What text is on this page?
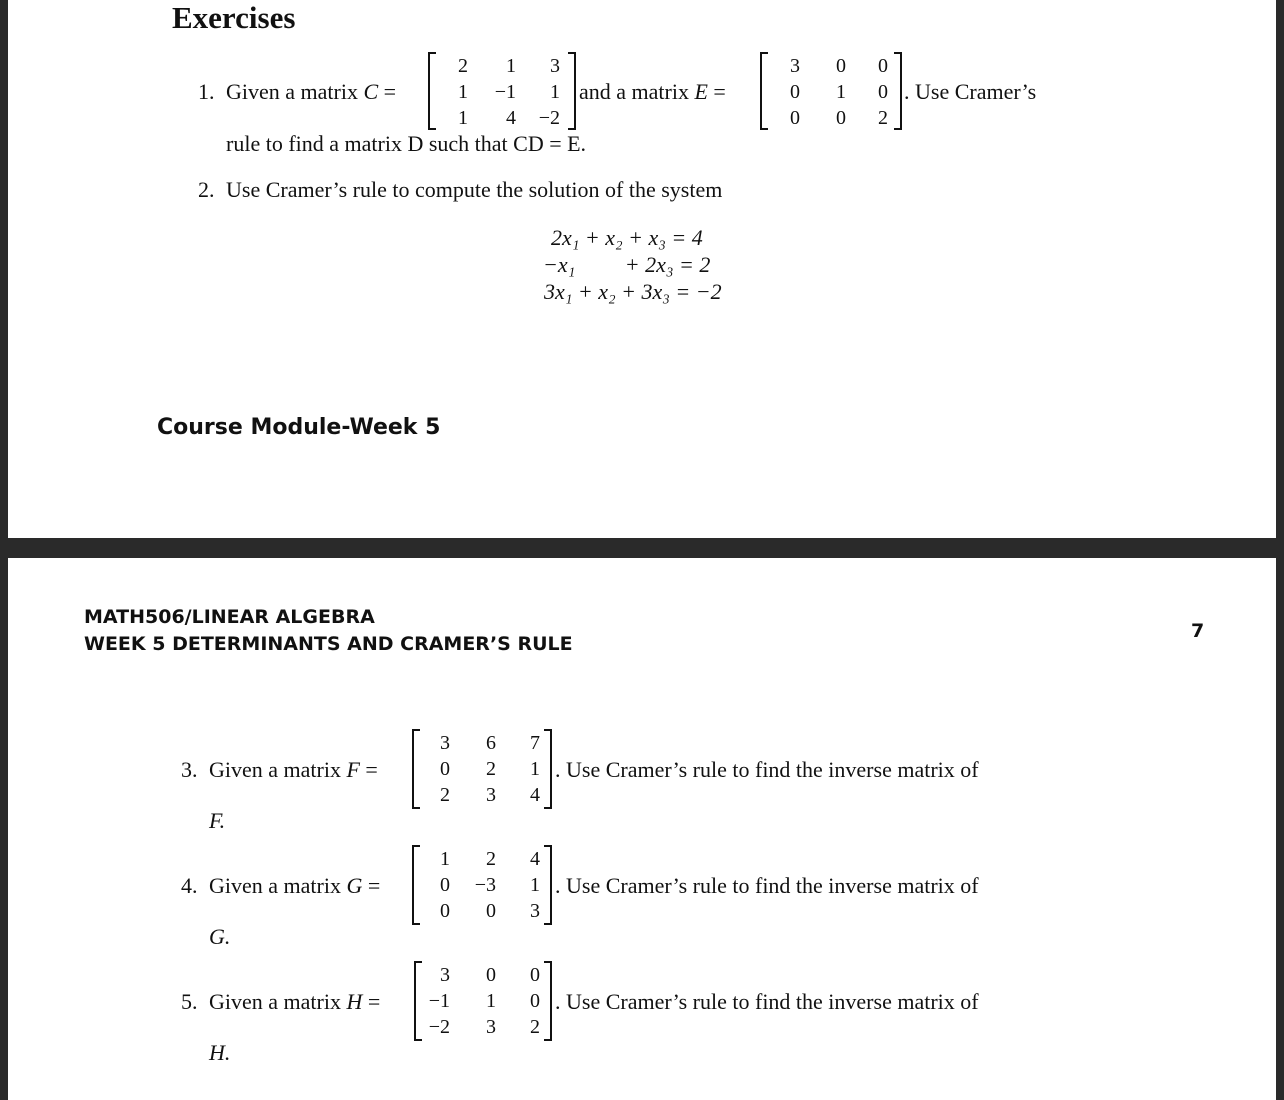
Exercises
1. Given a matrix C =
2	1	3
1	−1	1
1	4	−2
and a matrix E =
3	0	0
0	1	0
0	0	2
. Use Cramer’s
rule to find a matrix D such that CD = E.
2. Use Cramer’s rule to compute the solution of the system
2x₁ + x₂ + x₃ = 4
−x₁         + 2x₃ = 2
3x₁ + x₂ + 3x₃ = −2
Course Module-Week 5
MATH506/LINEAR ALGEBRA
WEEK 5 DETERMINANTS AND CRAMER’S RULE
7
3. Given a matrix F =
3	6	7
0	2	1
2	3	4
. Use Cramer’s rule to find the inverse matrix of
F.
4. Given a matrix G =
1	2	4
0	−3	1
0	0	3
. Use Cramer’s rule to find the inverse matrix of
G.
5. Given a matrix H =
3	0	0
−1	1	0
−2	3	2
. Use Cramer’s rule to find the inverse matrix of
H.
